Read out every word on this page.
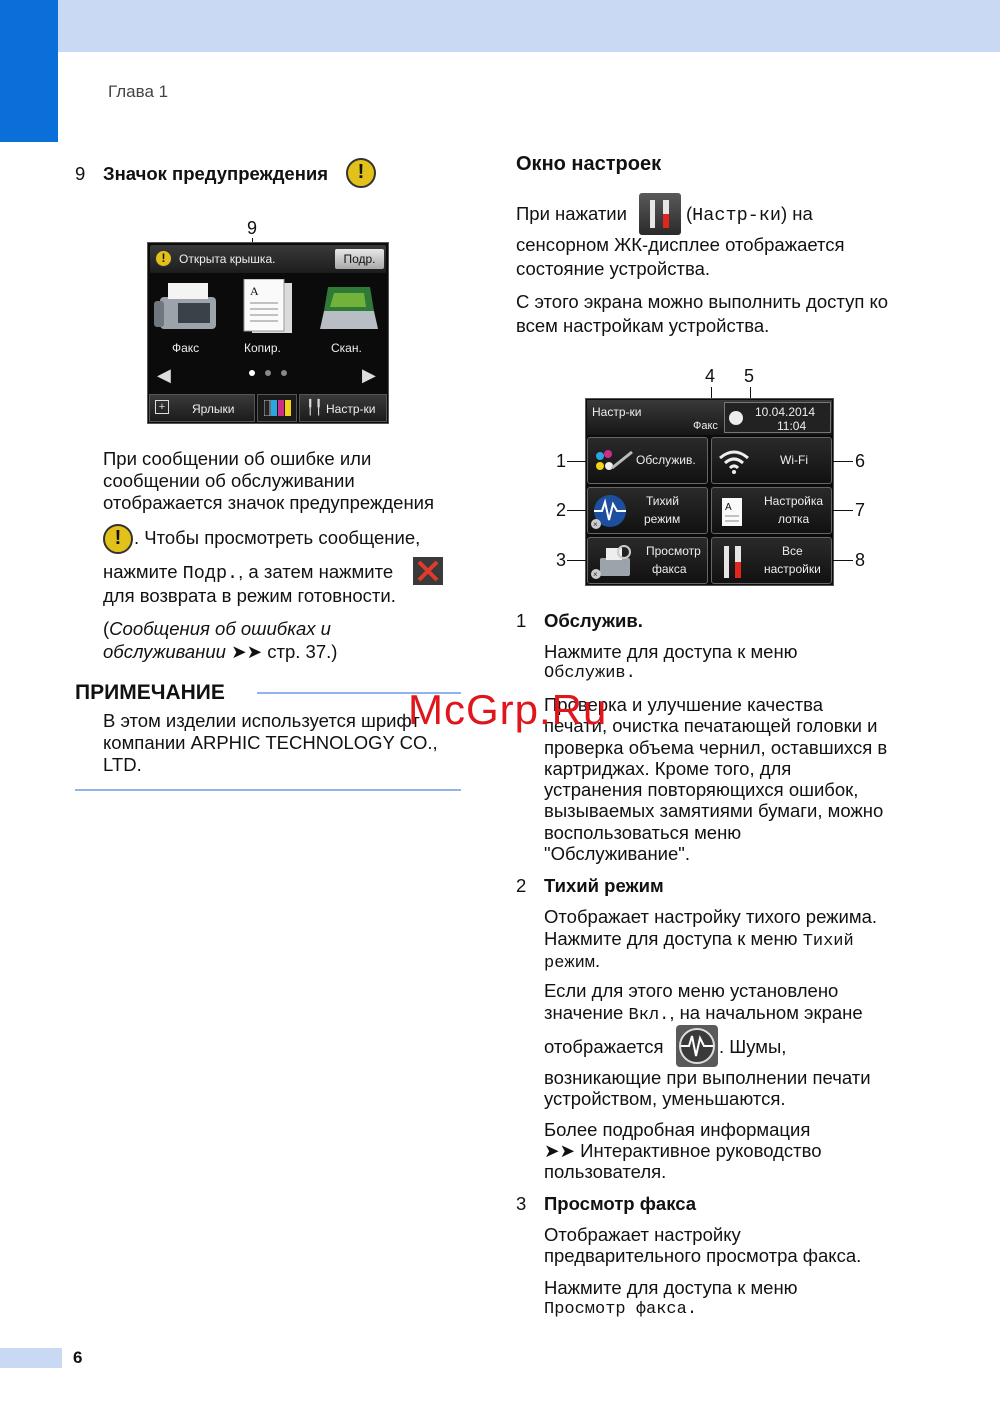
Глава 1
9 Значок предупреждения	!
9
!	Открыта крышка.	Подр.
A
Факс	Копир.	Скан.
◀	▶
+	Ярлыки	╿╿ Настр-ки
При сообщении об ошибке или
сообщении об обслуживании
отображается значок предупреждения
! . Чтобы просмотреть сообщение,
нажмите Подр., а затем нажмите
для возврата в режим готовности.
(Сообщения об ошибках и
обслуживании ➤➤ стр. 37.)
ПРИМЕЧАНИЕ
В этом изделии используется шрифт
компании ARPHIC TECHNOLOGY CO.,
LTD.
Окно настроек
При нажатии	(Настр-ки) на
сенсорном ЖК-дисплее отображается
состояние устройства.
С этого экрана можно выполнить доступ ко
всем настройкам устройства.
4 5
Настр-ки
Факс
10.04.2014
11:04
Обслужив.	Wi-Fi
×
Тихий
режим
A	Настройка
лотка
×
Просмотр
факса
Все
настройки
1
2
3
6
7
8
1 Обслужив.
Нажмите для доступа к меню
Обслужив.
Проверка и улучшение качества
печати, очистка печатающей головки и
проверка объема чернил, оставшихся в
картриджах. Кроме того, для
устранения повторяющихся ошибок,
вызываемых замятиями бумаги, можно
воспользоваться меню
"Обслуживание".
2 Тихий режим
Отображает настройку тихого режима.
Нажмите для доступа к меню Тихий
режим.
Если для этого меню установлено
значение Вкл., на начальном экране
отображается	. Шумы,
возникающие при выполнении печати
устройством, уменьшаются.
Более подробная информация
➤➤ Интерактивное руководство
пользователя.
3 Просмотр факса
Отображает настройку
предварительного просмотра факса.
Нажмите для доступа к меню
Просмотр факса.
McGrp.Ru
6
